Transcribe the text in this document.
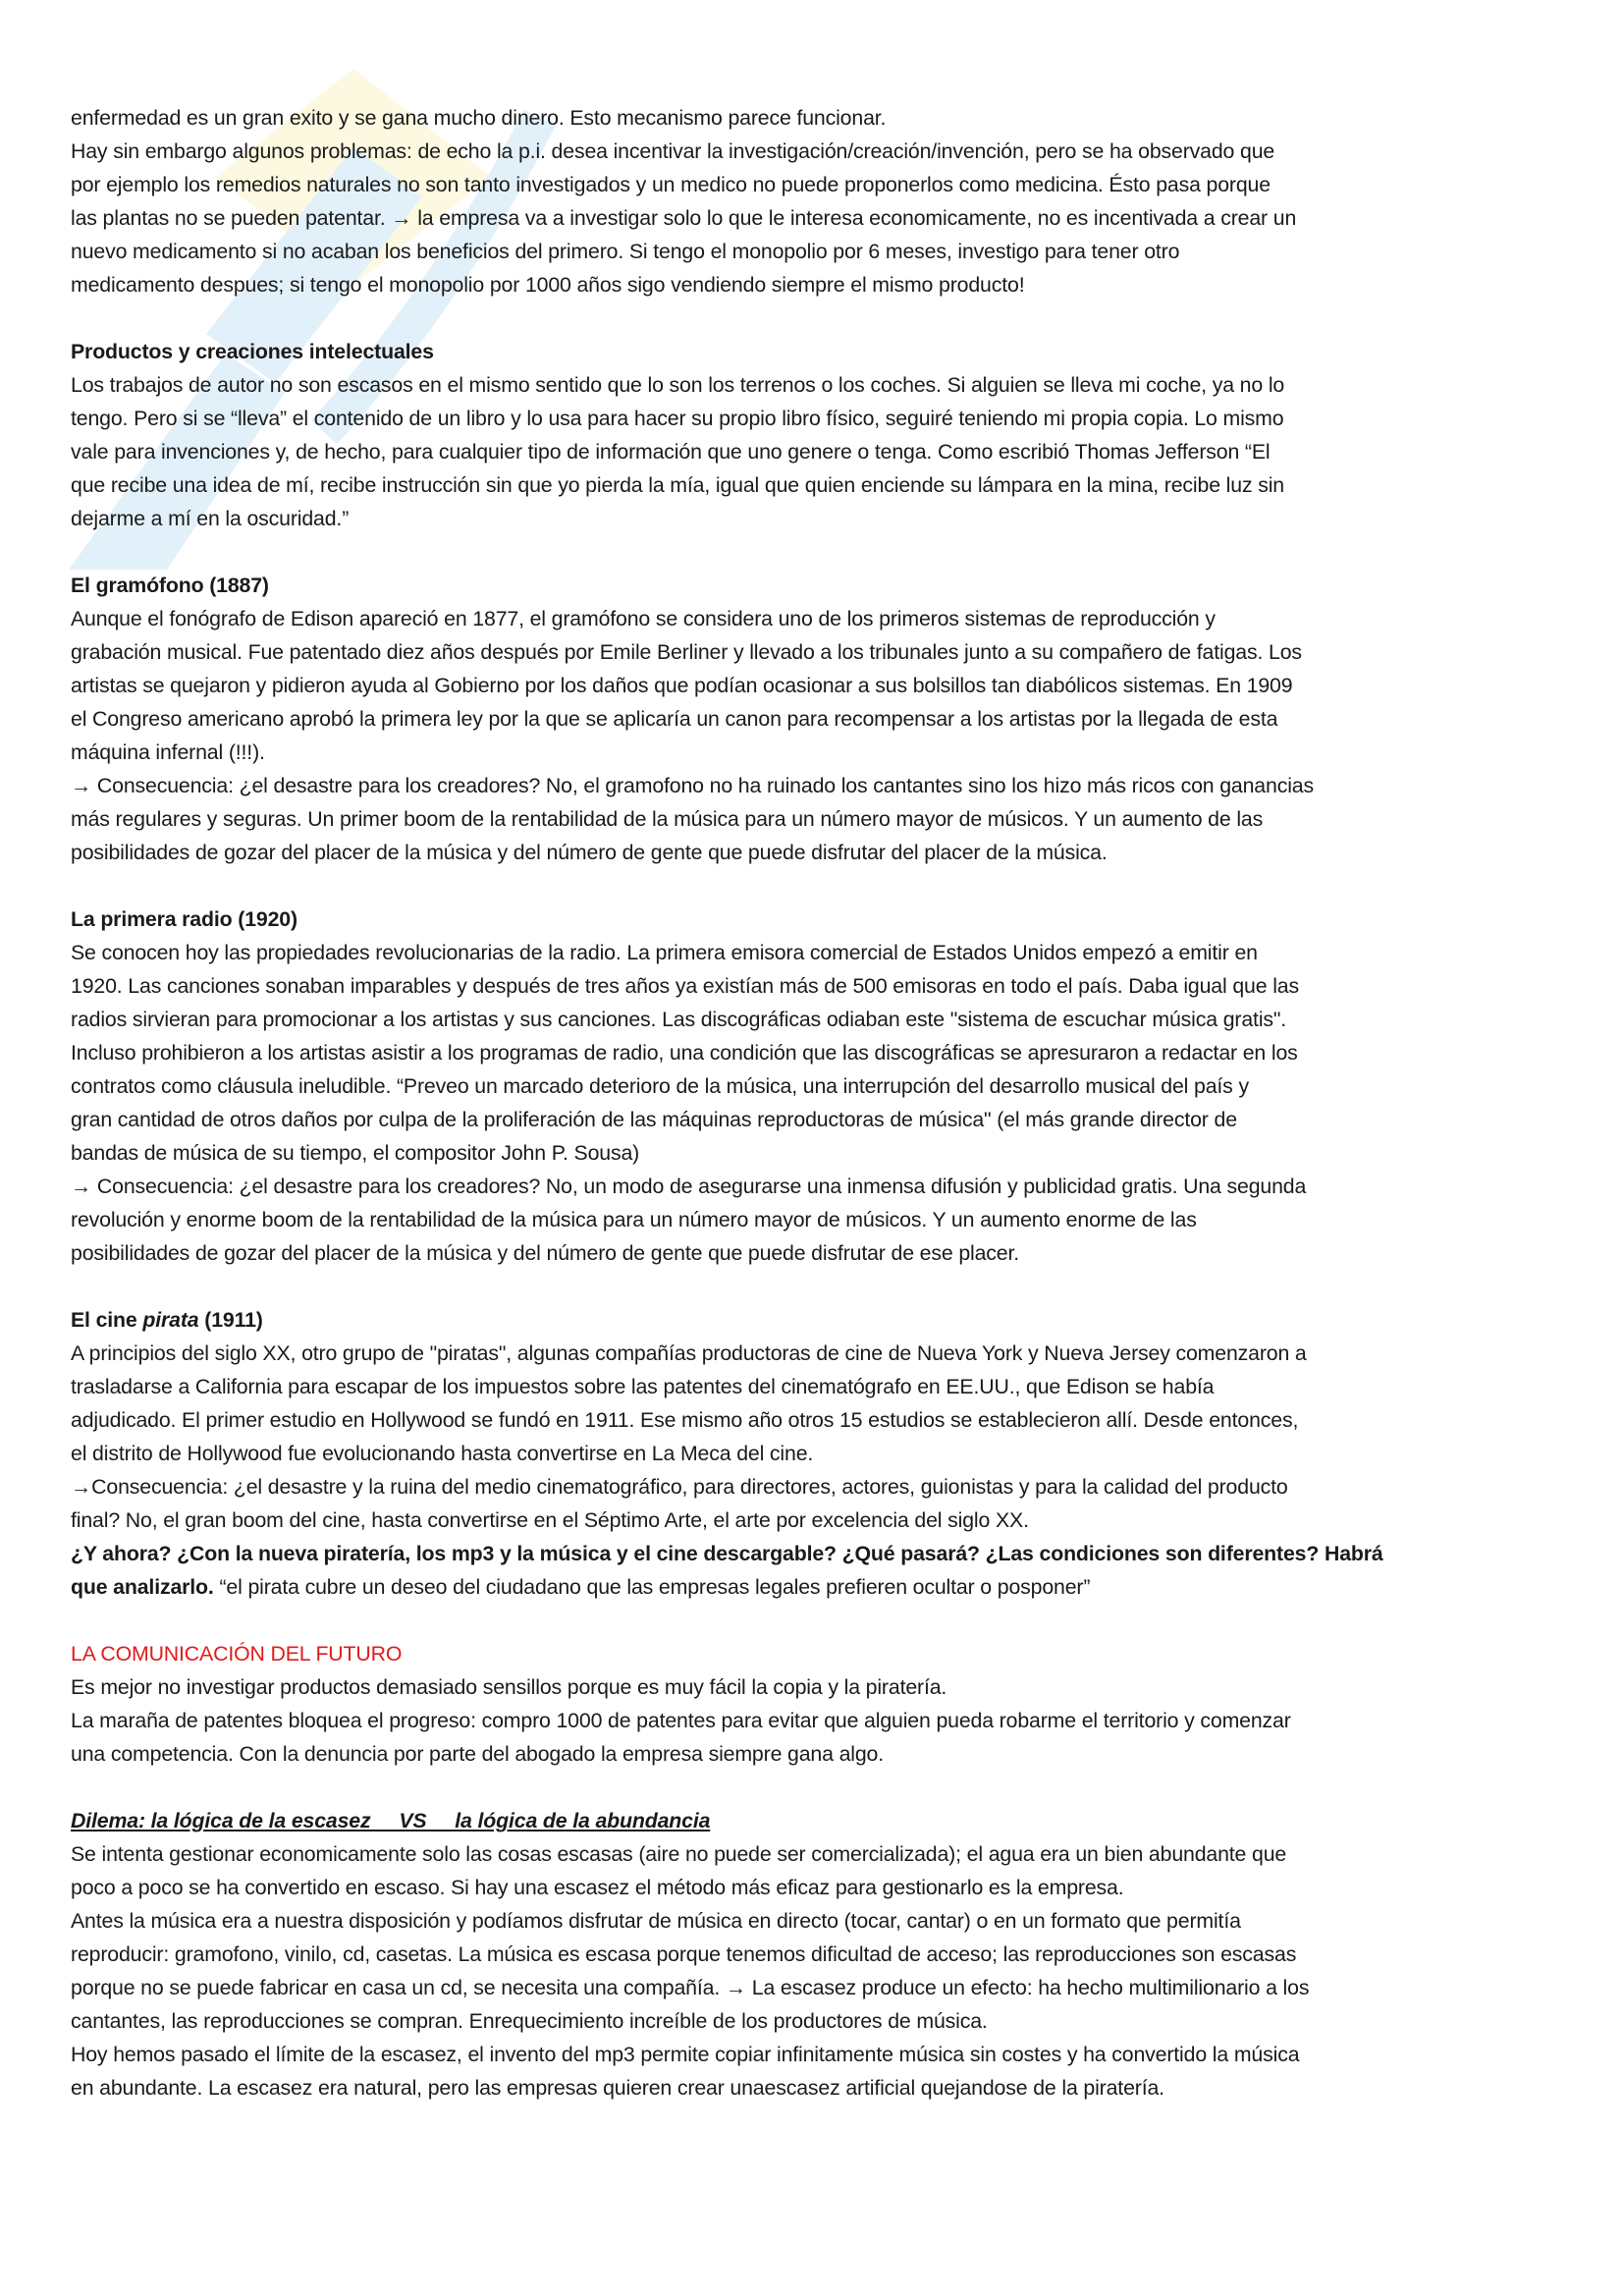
enfermedad es un gran exito y se gana mucho dinero. Esto mecanismo parece funcionar.
Hay sin embargo algunos problemas: de echo la p.i. desea incentivar la investigación/creación/invención, pero se ha observado que
por ejemplo los remedios naturales no son tanto investigados y un medico no puede proponerlos como medicina. Ésto pasa porque
las plantas no se pueden patentar. → la empresa va a investigar solo lo que le interesa economicamente, no es incentivada a crear un
nuevo medicamento si no acaban los beneficios del primero. Si tengo el monopolio por 6 meses, investigo para tener otro
medicamento despues; si tengo el monopolio por 1000 años sigo vendiendo siempre el mismo producto!
Productos y creaciones intelectuales
Los trabajos de autor no son escasos en el mismo sentido que lo son los terrenos o los coches. Si alguien se lleva mi coche, ya no lo
tengo. Pero si se “lleva” el contenido de un libro y lo usa para hacer su propio libro físico, seguiré teniendo mi propia copia. Lo mismo
vale para invenciones y, de hecho, para cualquier tipo de información que uno genere o tenga. Como escribió Thomas Jefferson “El
que recibe una idea de mí, recibe instrucción sin que yo pierda la mía, igual que quien enciende su lámpara en la mina, recibe luz sin
dejarme a mí en la oscuridad.”
El gramófono (1887)
Aunque el fonógrafo de Edison apareció en 1877, el gramófono se considera uno de los primeros sistemas de reproducción y
grabación musical. Fue patentado diez años después por Emile Berliner y llevado a los tribunales junto a su compañero de fatigas. Los
artistas se quejaron y pidieron ayuda al Gobierno por los daños que podían ocasionar a sus bolsillos tan diabólicos sistemas. En 1909
el Congreso americano aprobó la primera ley por la que se aplicaría un canon para recompensar a los artistas por la llegada de esta
máquina infernal (!!!).
→ Consecuencia: ¿el desastre para los creadores? No, el gramofono no ha ruinado los cantantes sino los hizo más ricos con ganancias
más regulares y seguras. Un primer boom de la rentabilidad de la música para un número mayor de músicos. Y un aumento de las
posibilidades de gozar del placer de la música y del número de gente que puede disfrutar del placer de la música.
La primera radio (1920)
Se conocen hoy las propiedades revolucionarias de la radio. La primera emisora comercial de Estados Unidos empezó a emitir en
1920. Las canciones sonaban imparables y después de tres años ya existían más de 500 emisoras en todo el país. Daba igual que las
radios sirvieran para promocionar a los artistas y sus canciones. Las discográficas odiaban este "sistema de escuchar música gratis".
Incluso prohibieron a los artistas asistir a los programas de radio, una condición que las discográficas se apresuraron a redactar en los
contratos como cláusula ineludible. “Preveo un marcado deterioro de la música, una interrupción del desarrollo musical del país y
gran cantidad de otros daños por culpa de la proliferación de las máquinas reproductoras de música" (el más grande director de
bandas de música de su tiempo, el compositor John P. Sousa)
→ Consecuencia: ¿el desastre para los creadores? No, un modo de asegurarse una inmensa difusión y publicidad gratis. Una segunda
revolución y enorme boom de la rentabilidad de la música para un número mayor de músicos. Y un aumento enorme de las
posibilidades de gozar del placer de la música y del número de gente que puede disfrutar de ese placer.
El cine pirata (1911)
A principios del siglo XX, otro grupo de "piratas", algunas compañías productoras de cine de Nueva York y Nueva Jersey comenzaron a
trasladarse a California para escapar de los impuestos sobre las patentes del cinematógrafo en EE.UU., que Edison se había
adjudicado. El primer estudio en Hollywood se fundó en 1911. Ese mismo año otros 15 estudios se establecieron allí. Desde entonces,
el distrito de Hollywood fue evolucionando hasta convertirse en La Meca del cine.
→Consecuencia: ¿el desastre y la ruina del medio cinematográfico, para directores, actores, guionistas y para la calidad del producto
final? No, el gran boom del cine, hasta convertirse en el Séptimo Arte, el arte por excelencia del siglo XX.
¿Y ahora? ¿Con la nueva piratería, los mp3 y la música y el cine descargable? ¿Qué pasará? ¿Las condiciones son diferentes? Habrá
que analizarlo. “el pirata cubre un deseo del ciudadano que las empresas legales prefieren ocultar o posponer”
LA COMUNICACIÓN DEL FUTURO
Es mejor no investigar productos demasiado sensillos porque es muy fácil la copia y la piratería.
La maraña de patentes bloquea el progreso: compro 1000 de patentes para evitar que alguien pueda robarme el territorio y comenzar
una competencia. Con la denuncia por parte del abogado la empresa siempre gana algo.
Dilema: la lógica de la escasez     VS     la lógica de la abundancia
Se intenta gestionar economicamente solo las cosas escasas (aire no puede ser comercializada); el agua era un bien abundante que
poco a poco se ha convertido en escaso. Si hay una escasez el método más eficaz para gestionarlo es la empresa.
Antes la música era a nuestra disposición y podíamos disfrutar de música en directo (tocar, cantar) o en un formato que permitía
reproducir: gramofono, vinilo, cd, casetas. La música es escasa porque tenemos dificultad de acceso; las reproducciones son escasas
porque no se puede fabricar en casa un cd, se necesita una compañía. → La escasez produce un efecto: ha hecho multimilionario a los
cantantes, las reproducciones se compran. Enrequecimiento increíble de los productores de música.
Hoy hemos pasado el límite de la escasez, el invento del mp3 permite copiar infinitamente música sin costes y ha convertido la música
en abundante. La escasez era natural, pero las empresas quieren crear unaescasez artificial quejandose de la piratería.
